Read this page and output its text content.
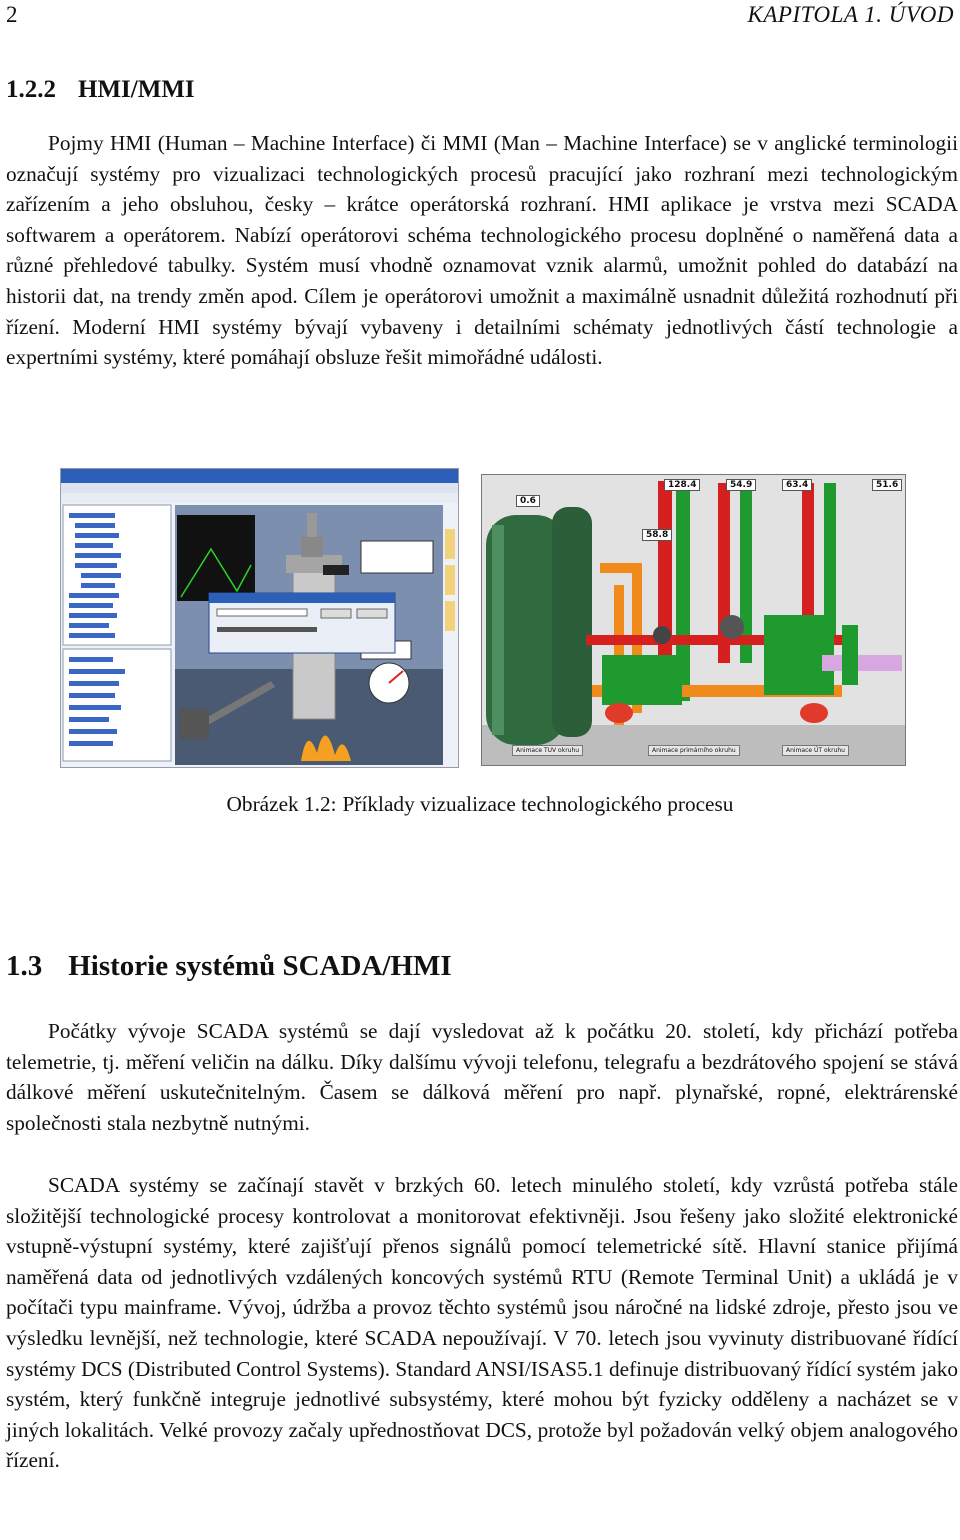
2	KAPITOLA 1. ÚVOD
1.2.2 HMI/MMI

Pojmy HMI (Human – Machine Interface) či MMI (Man – Machine Interface) se v anglické terminologii označují systémy pro vizualizaci technologických procesů pracující jako rozhraní mezi technologickým zařízením a jeho obsluhou, česky – krátce operátorská rozhraní. HMI aplikace je vrstva mezi SCADA softwarem a operátorem. Nabízí operátorovi schéma technologického procesu doplněné o naměřená data a různé přehledové tabulky. Systém musí vhodně oznamovat vznik alarmů, umožnit pohled do databází na historii dat, na trendy změn apod. Cílem je operátorovi umožnit a maximálně usnadnit důležitá rozhodnutí při řízení. Moderní HMI systémy bývají vybaveny i detailními schématy jednotlivých částí technologie a expertními systémy, které pomáhají obsluze řešit mimořádné události.

0.6
58.8
128.4	54.9	63.4	51.6
Animace TUV okruhu	Animace primárního okruhu	Animace ÚT okruhu
Obrázek 1.2: Příklady vizualizace technologického procesu
1.3 Historie systémů SCADA/HMI

Počátky vývoje SCADA systémů se dají vysledovat až k počátku 20. století, kdy přichází potřeba telemetrie, tj. měření veličin na dálku. Díky dalšímu vývoji telefonu, telegrafu a bezdrátového spojení se stává dálkové měření uskutečnitelným. Časem se dálková měření pro např. plynařské, ropné, elektrárenské společnosti stala nezbytně nutnými.

SCADA systémy se začínají stavět v brzkých 60. letech minulého století, kdy vzrůstá potřeba stále složitější technologické procesy kontrolovat a monitorovat efektivněji. Jsou řešeny jako složité elektronické vstupně-výstupní systémy, které zajišťují přenos signálů pomocí telemetrické sítě. Hlavní stanice přijímá naměřená data od jednotlivých vzdálených koncových systémů RTU (Remote Terminal Unit) a ukládá je v počítači typu mainframe. Vývoj, údržba a provoz těchto systémů jsou náročné na lidské zdroje, přesto jsou ve výsledku levnější, než technologie, které SCADA nepoužívají. V 70. letech jsou vyvinuty distribuované řídící systémy DCS (Distributed Control Systems). Standard ANSI/ISAS5.1 definuje distribuovaný řídící systém jako systém, který funkčně integruje jednotlivé subsystémy, které mohou být fyzicky odděleny a nacházet se v jiných lokalitách. Velké provozy začaly upřednostňovat DCS, protože byl požadován velký objem analogového řízení.
